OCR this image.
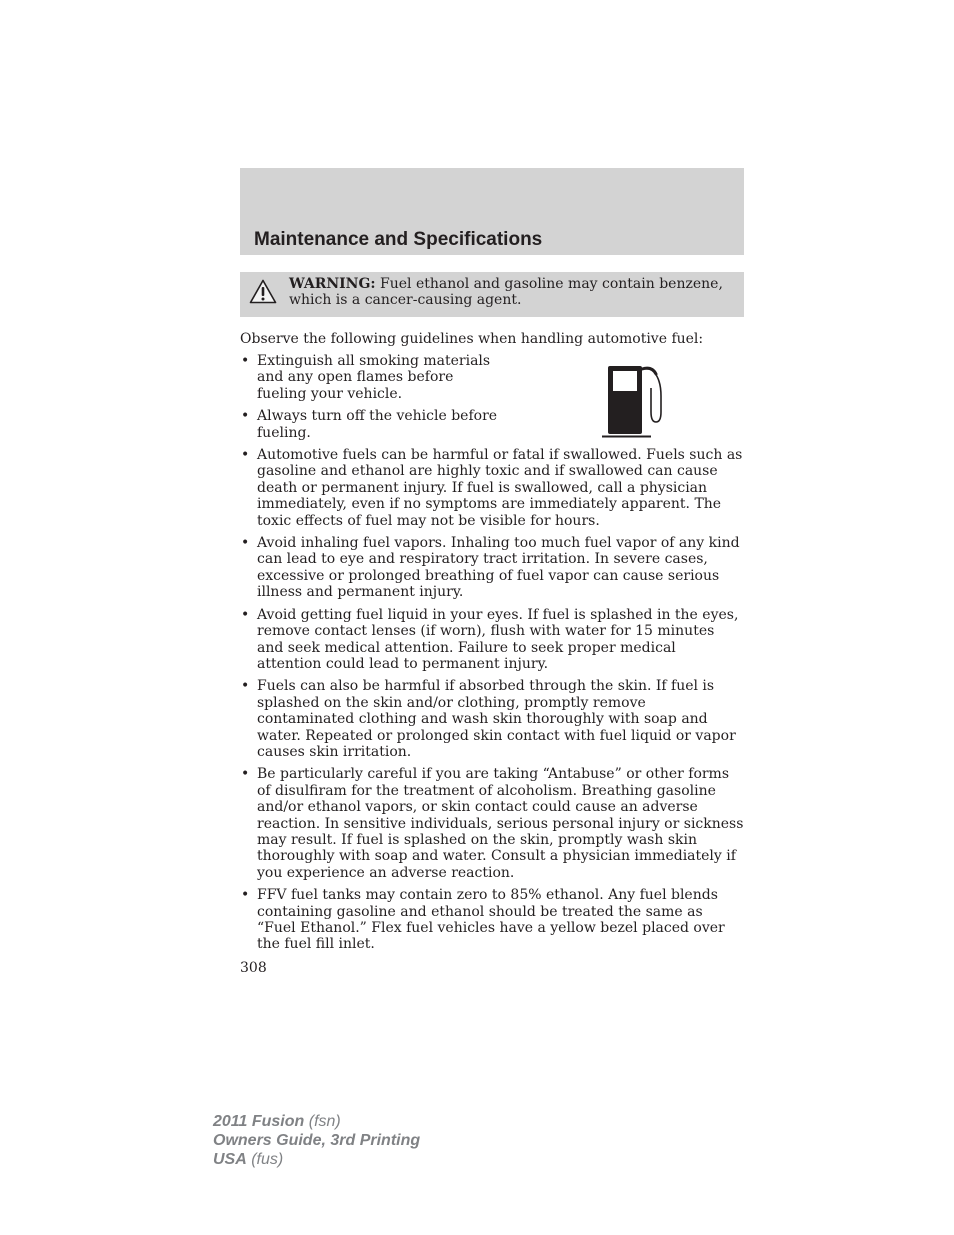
Maintenance and Specifications
WARNING: Fuel ethanol and gasoline may contain benzene, which is a cancer-causing agent.

Observe the following guidelines when handling automotive fuel:

• Extinguish all smoking materials and any open flames before fueling your vehicle.
• Always turn off the vehicle before fueling.
• Automotive fuels can be harmful or fatal if swallowed. Fuels such as gasoline and ethanol are highly toxic and if swallowed can cause death or permanent injury. If fuel is swallowed, call a physician immediately, even if no symptoms are immediately apparent. The toxic effects of fuel may not be visible for hours.
• Avoid inhaling fuel vapors. Inhaling too much fuel vapor of any kind can lead to eye and respiratory tract irritation. In severe cases, excessive or prolonged breathing of fuel vapor can cause serious illness and permanent injury.
• Avoid getting fuel liquid in your eyes. If fuel is splashed in the eyes, remove contact lenses (if worn), flush with water for 15 minutes and seek medical attention. Failure to seek proper medical attention could lead to permanent injury.
• Fuels can also be harmful if absorbed through the skin. If fuel is splashed on the skin and/or clothing, promptly remove contaminated clothing and wash skin thoroughly with soap and water. Repeated or prolonged skin contact with fuel liquid or vapor causes skin irritation.
• Be particularly careful if you are taking “Antabuse” or other forms of disulfiram for the treatment of alcoholism. Breathing gasoline and/or ethanol vapors, or skin contact could cause an adverse reaction. In sensitive individuals, serious personal injury or sickness may result. If fuel is splashed on the skin, promptly wash skin thoroughly with soap and water. Consult a physician immediately if you experience an adverse reaction.
• FFV fuel tanks may contain zero to 85% ethanol. Any fuel blends containing gasoline and ethanol should be treated the same as “Fuel Ethanol.” Flex fuel vehicles have a yellow bezel placed over the fuel fill inlet.

308

2011 Fusion (fsn)
Owners Guide, 3rd Printing
USA (fus)
